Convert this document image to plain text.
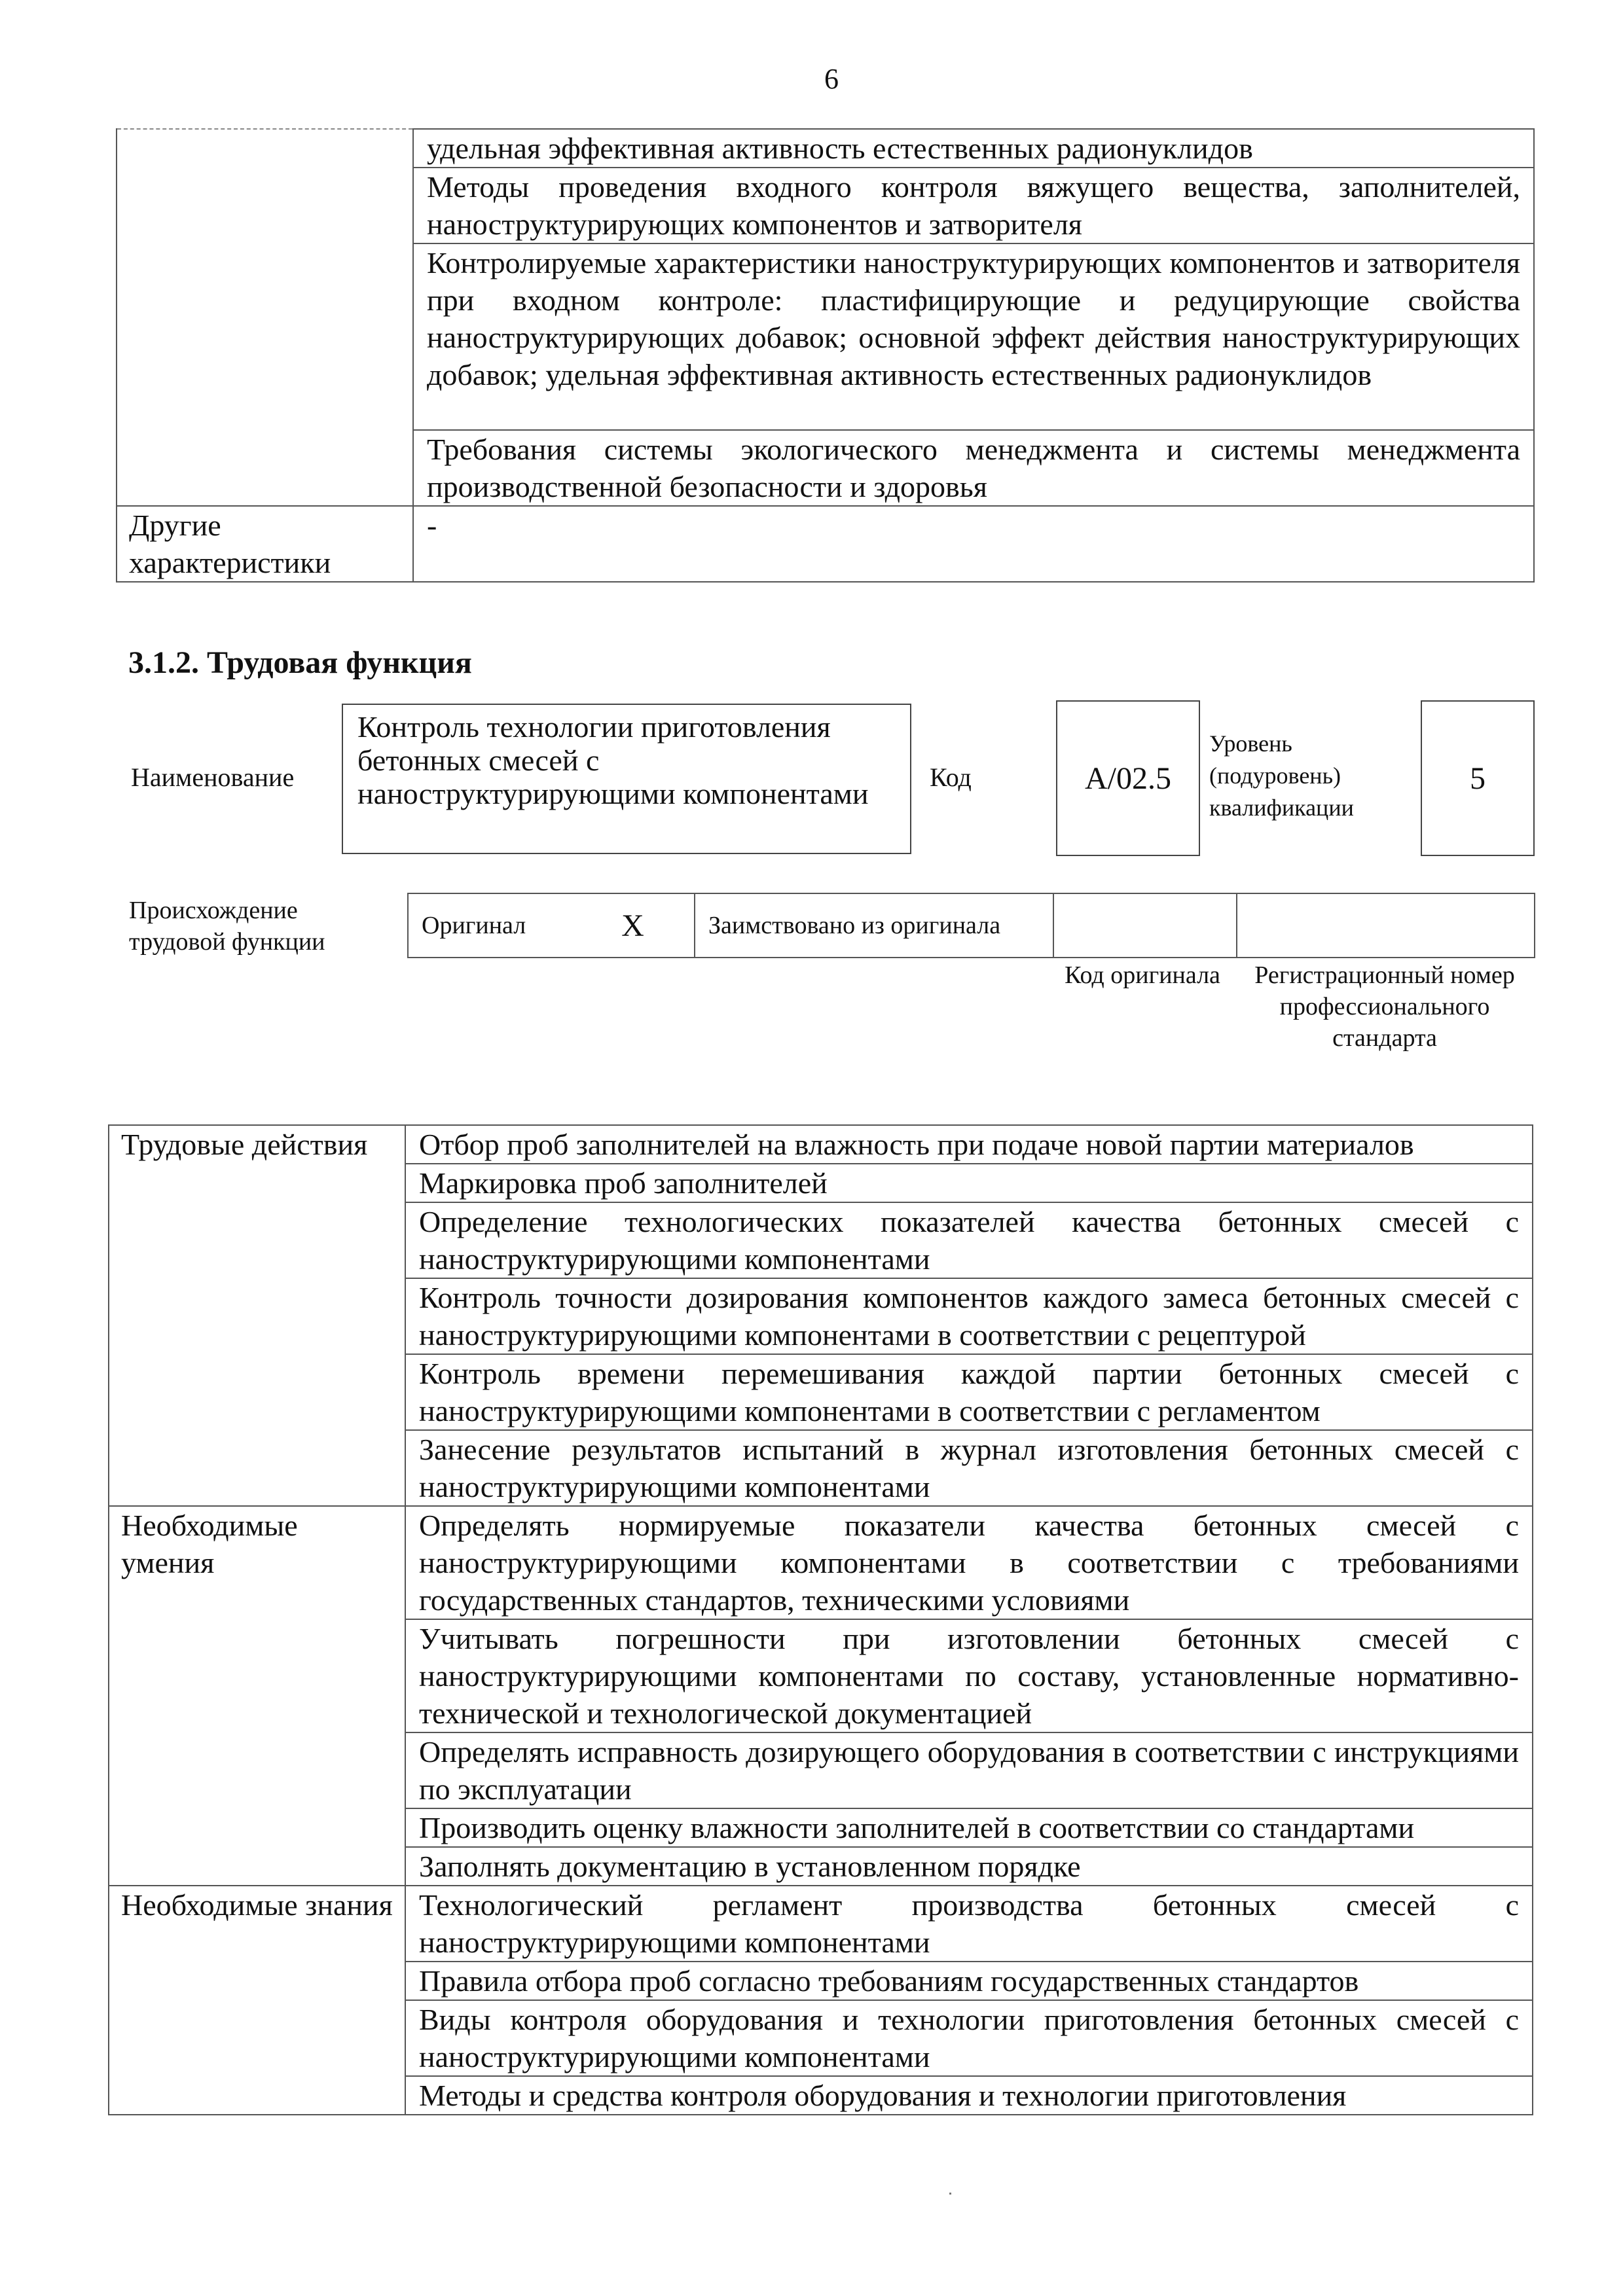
6
	удельная эффективная активность естественных радионуклидов
	Методы проведения входного контроля вяжущего вещества, заполнителей, наноструктурирующих компонентов и затворителя
	Контролируемые характеристики наноструктурирующих компонентов и затворителя при входном контроле: пластифицирующие и редуцирующие свойства наноструктурирующих добавок; основной эффект действия наноструктурирующих добавок; удельная эффективная активность естественных радионуклидов
	Требования системы экологического менеджмента и системы менеджмента производственной безопасности и здоровья
Другие характеристики	-
3.1.2. Трудовая функция
Наименование
Контроль технологии приготовления бетонных смесей с наноструктурирующими компонентами	Код	А/02.5
Уровень
(подуровень)
квалификации
5
Происхождение трудовой функции
Оригинал	X	Заимствовано из оригинала		
Код оригинала	Регистрационный номер профессионального стандарта
Трудовые действия	Отбор проб заполнителей на влажность при подаче новой партии материалов
	Маркировка проб заполнителей
	Определение технологических показателей качества бетонных смесей с наноструктурирующими компонентами
	Контроль точности дозирования компонентов каждого замеса бетонных смесей с наноструктурирующими компонентами в соответствии с рецептурой
	Контроль времени перемешивания каждой партии бетонных смесей с наноструктурирующими компонентами в соответствии с регламентом
	Занесение результатов испытаний в журнал изготовления бетонных смесей с наноструктурирующими компонентами
Необходимые умения	Определять нормируемые показатели качества бетонных смесей с наноструктурирующими компонентами в соответствии с требованиями государственных стандартов, техническими условиями
	Учитывать погрешности при изготовлении бетонных смесей с наноструктурирующими компонентами по составу, установленные нормативно-технической и технологической документацией
	Определять исправность дозирующего оборудования в соответствии с инструкциями по эксплуатации
	Производить оценку влажности заполнителей в соответствии со стандартами
	Заполнять документацию в установленном порядке
Необходимые знания	Технологический регламент производства бетонных смесей с наноструктурирующими компонентами
	Правила отбора проб согласно требованиям государственных стандартов
	Виды контроля оборудования и технологии приготовления бетонных смесей с наноструктурирующими компонентами
	Методы и средства контроля оборудования и технологии приготовления
